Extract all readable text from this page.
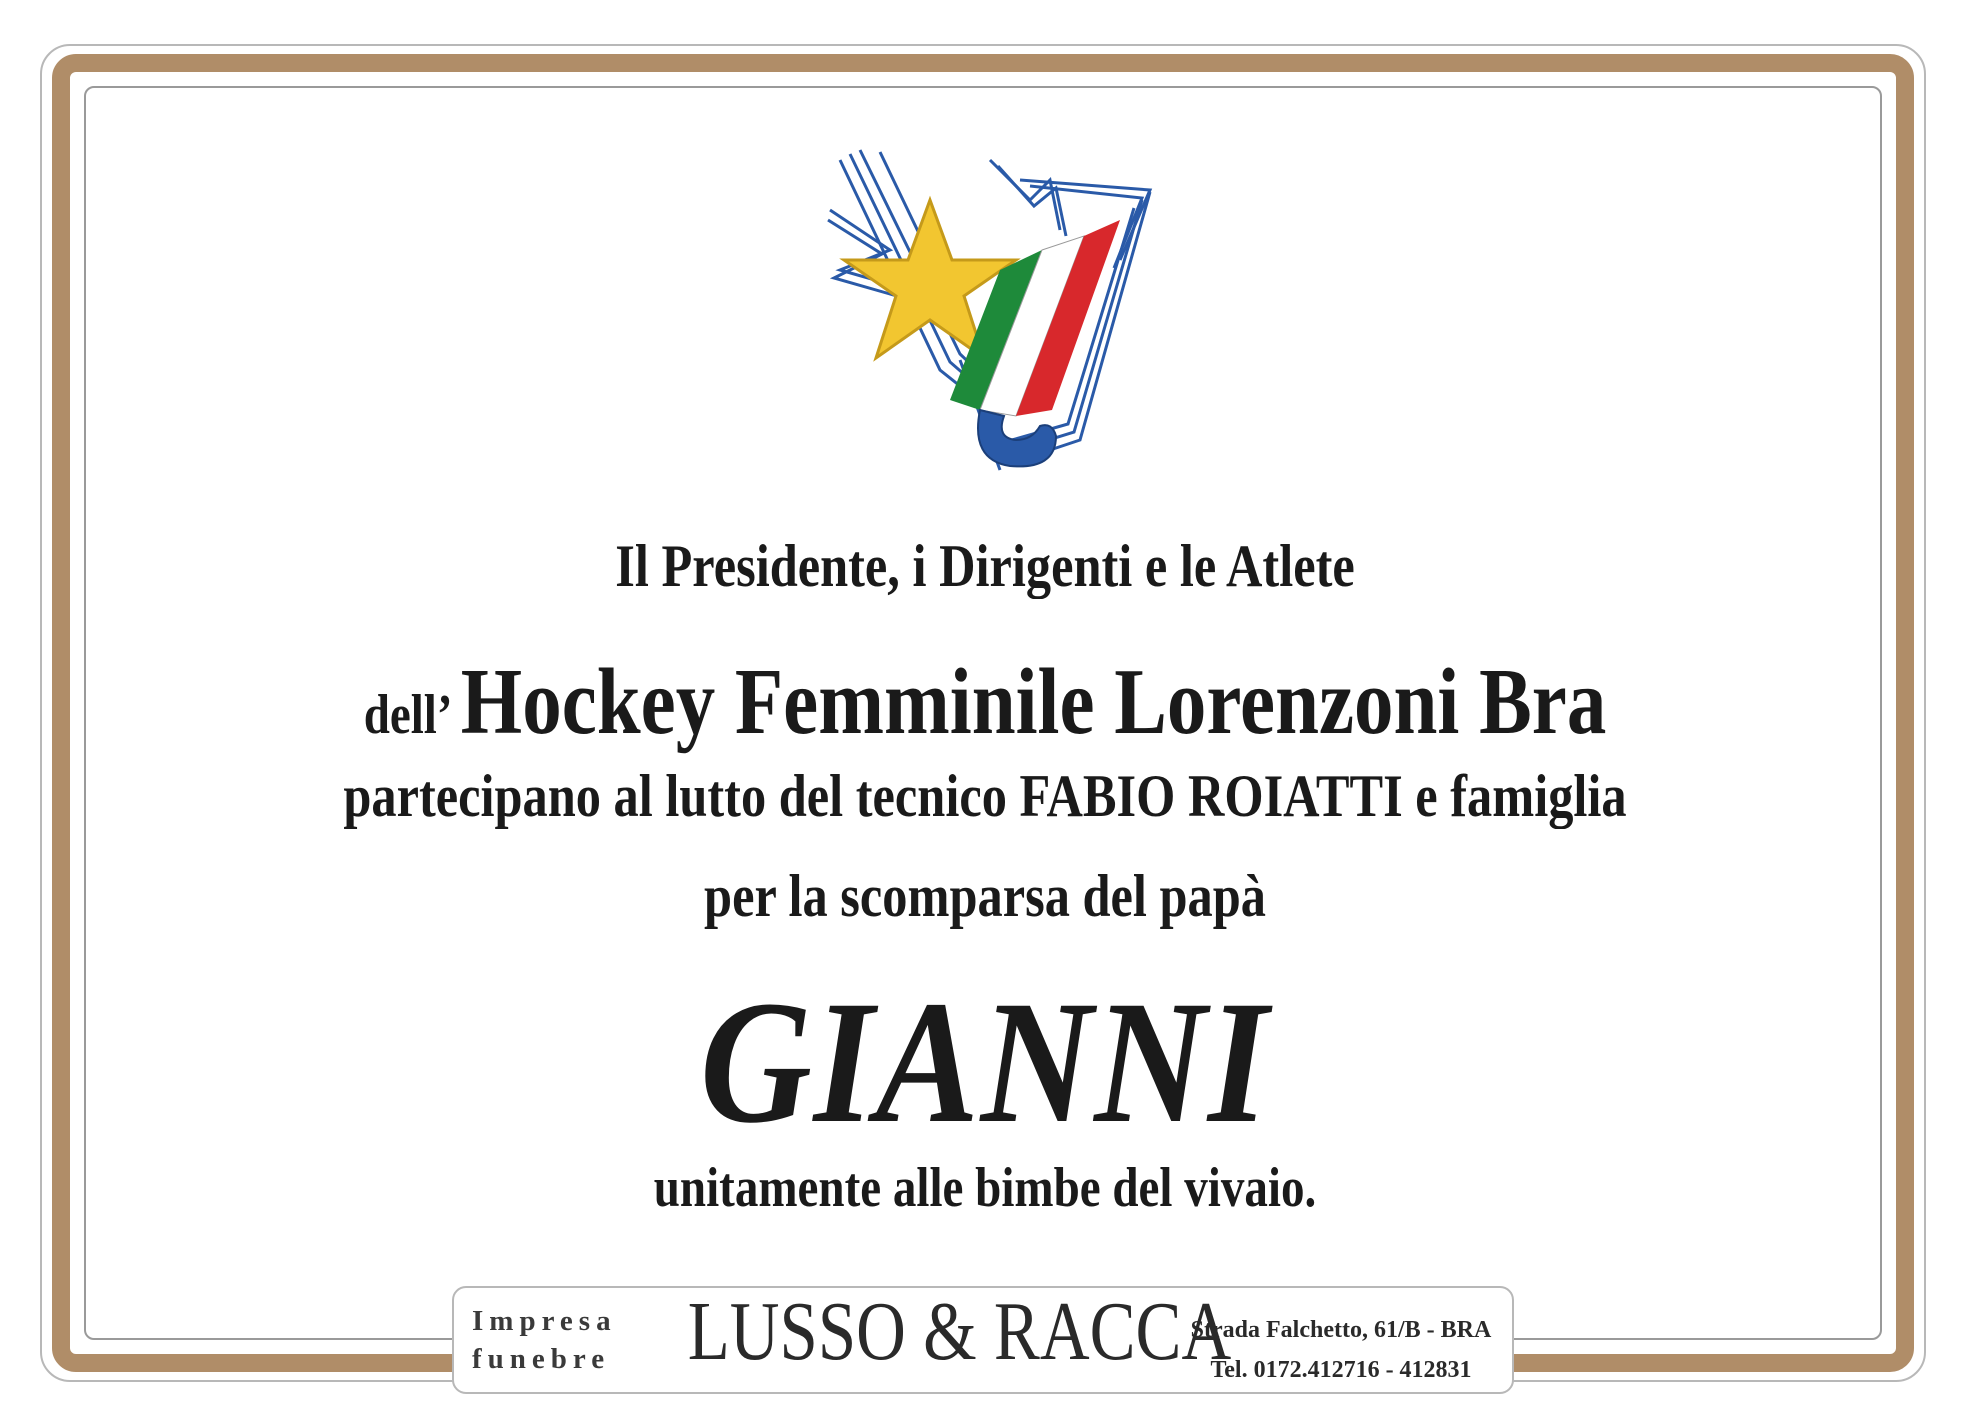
Il Presidente, i Dirigenti e le Atlete
dell’ Hockey Femminile Lorenzoni Bra
partecipano al lutto del tecnico FABIO ROIATTI e famiglia
per la scomparsa del papà
GIANNI
unitamente alle bimbe del vivaio.
Impresa
funebre LUSSO & RACCA
Strada Falchetto, 61/B - BRA
Tel. 0172.412716 - 412831
